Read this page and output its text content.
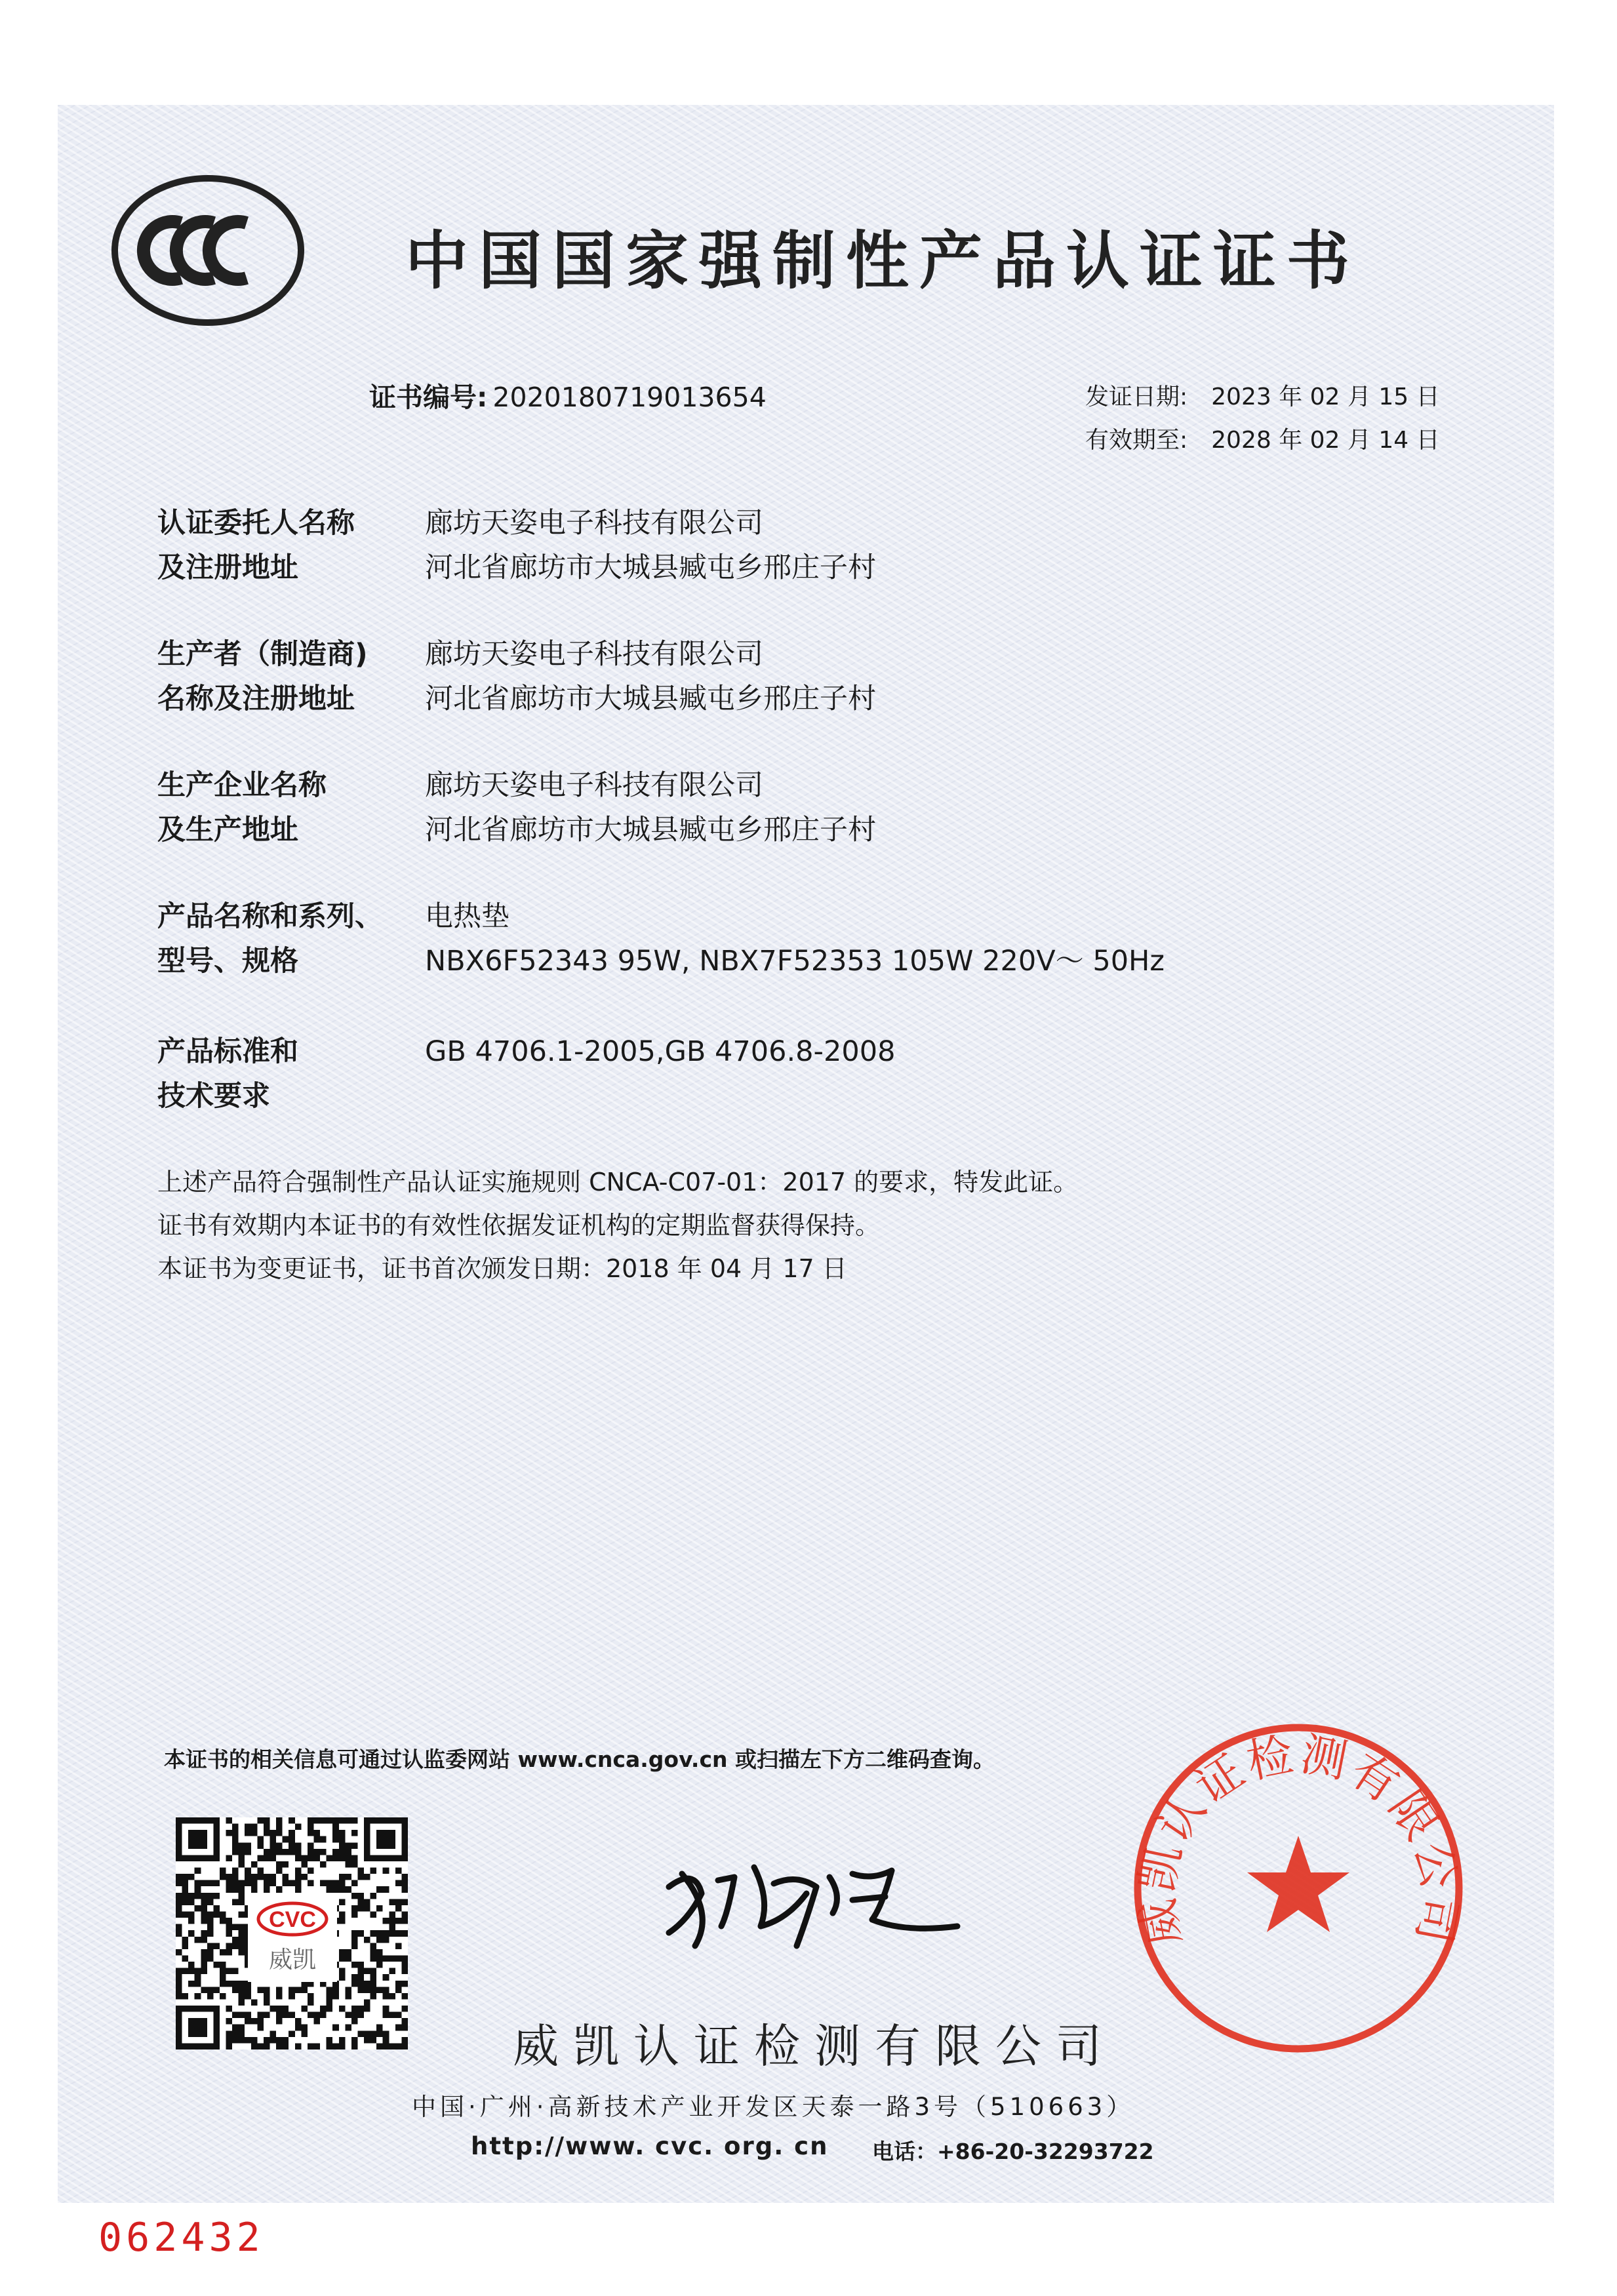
中国国家强制性产品认证证书
证书编号: 2020180719013654	发证日期: 2023 年 02 月 15 日
有效期至: 2028 年 02 月 14 日
认证委托人名称
及注册地址
廊坊天姿电子科技有限公司
河北省廊坊市大城县臧屯乡邢庄子村
生产者（制造商)
名称及注册地址
廊坊天姿电子科技有限公司
河北省廊坊市大城县臧屯乡邢庄子村
生产企业名称
及生产地址
廊坊天姿电子科技有限公司
河北省廊坊市大城县臧屯乡邢庄子村
产品名称和系列、
型号、规格
电热垫
NBX6F52343 95W, NBX7F52353 105W 220V～ 50Hz
产品标准和
技术要求
GB 4706.1-2005,GB 4706.8-2008
上述产品符合强制性产品认证实施规则 CNCA-C07-01：2017 的要求，特发此证。
证书有效期内本证书的有效性依据发证机构的定期监督获得保持。
本证书为变更证书，证书首次颁发日期：2018 年 04 月 17 日
本证书的相关信息可通过认监委网站 www.cnca.gov.cn 或扫描左下方二维码查询。
CVC
威凯
威凯认证检测有限公司
威凯认证检测有限公司
中国·广州·高新技术产业开发区天泰一路3号（510663）
http://www. cvc. org. cn 电话：+86-20-32293722
062432
